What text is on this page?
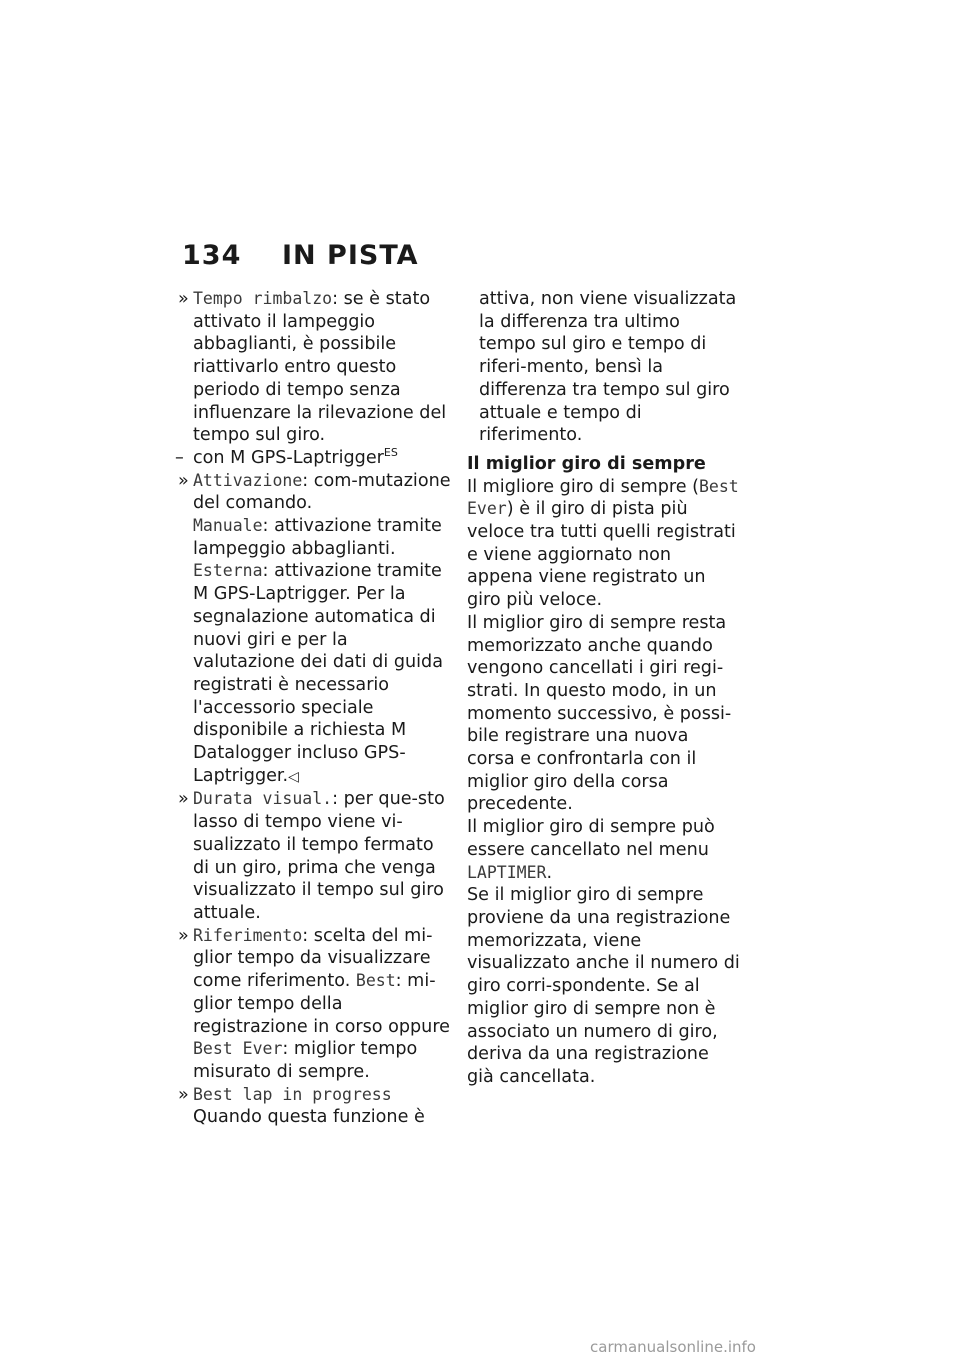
134 IN PISTA
» Tempo rimbalzo: se è stato attivato il lampeggio abbaglianti, è possibile riattivarlo entro questo periodo di tempo senza influenzare la rilevazione del tempo sul giro.
– con M GPS-Laptrigger$^{ES}$
» Attivazione: com-mutazione del comando.
Manuale: attivazione tramite lampeggio abbaglianti.
Esterna: attivazione tramite M GPS-Laptrigger. Per la segnalazione automatica di nuovi giri e per la valutazione dei dati di guida registrati è necessario l'accessorio speciale disponibile a richiesta M Datalogger incluso GPS-Laptrigger.◁
» Durata visual.: per que-sto lasso di tempo viene vi-sualizzato il tempo fermato di un giro, prima che venga visualizzato il tempo sul giro attuale.
» Riferimento: scelta del mi-glior tempo da visualizzare come riferimento. Best: mi-glior tempo della registrazione in corso oppure Best Ever: miglior tempo misurato di sempre.
» Best lap in progress
Quando questa funzione è
attiva, non viene visualizzata la differenza tra ultimo tempo sul giro e tempo di riferi-mento, bensì la differenza tra tempo sul giro attuale e tempo di riferimento.
Il miglior giro di sempre
Il migliore giro di sempre (Best Ever) è il giro di pista più veloce tra tutti quelli registrati e viene aggiornato non appena viene registrato un giro più veloce.
Il miglior giro di sempre resta memorizzato anche quando vengono cancellati i giri regi-strati. In questo modo, in un momento successivo, è possi-bile registrare una nuova corsa e confrontarla con il miglior giro della corsa precedente.
Il miglior giro di sempre può essere cancellato nel menu LAPTIMER.
Se il miglior giro di sempre proviene da una registrazione memorizzata, viene visualizzato anche il numero di giro corri-spondente. Se al miglior giro di sempre non è associato un numero di giro, deriva da una registrazione già cancellata.
carmanualsonline.info
